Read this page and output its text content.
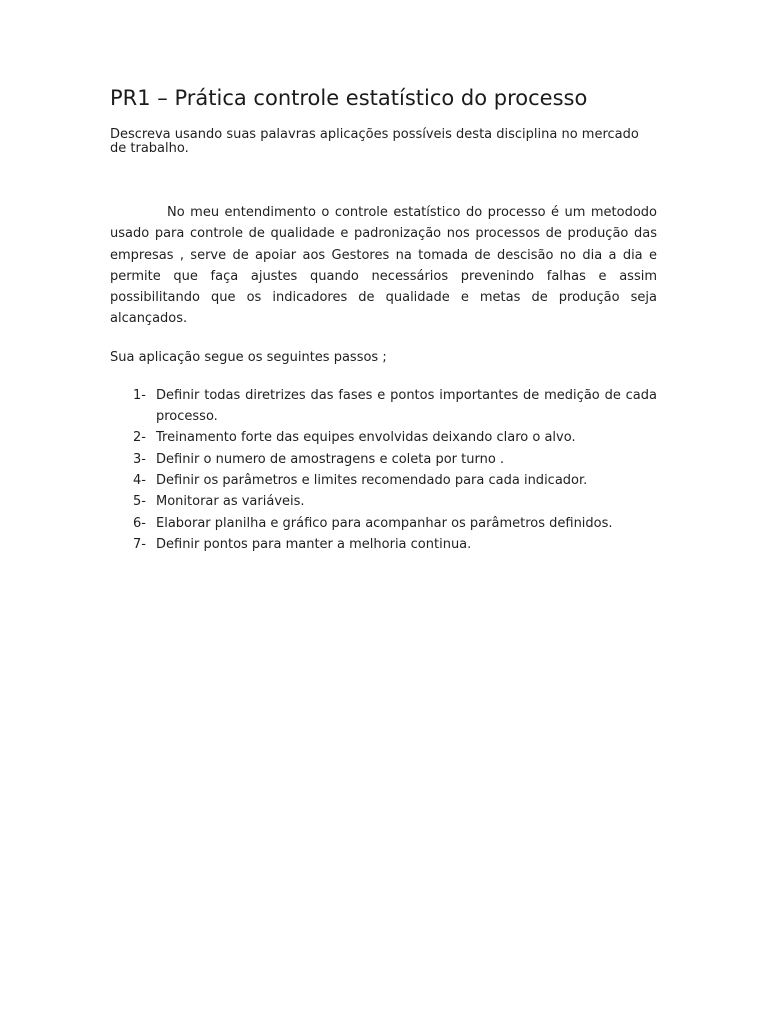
PR1 – Prática controle estatístico do processo
Descreva usando suas palavras aplicações possíveis desta disciplina no mercado de trabalho.

No meu entendimento o controle estatístico do processo é um metododo usado para controle de qualidade e padronização nos processos de produção das empresas , serve de apoiar aos Gestores na tomada de descisão no dia a dia e permite que faça ajustes quando necessários prevenindo falhas e assim possibilitando que os indicadores de qualidade e metas de produção seja alcançados.

Sua aplicação segue os seguintes passos ;
1- Definir todas diretrizes das fases e pontos importantes de medição de cada processo.
2- Treinamento forte das equipes envolvidas deixando claro o alvo.
3- Definir o numero de amostragens e coleta por turno .
4- Definir os parâmetros e limites recomendado para cada indicador.
5- Monitorar as variáveis.
6- Elaborar planilha e gráfico para acompanhar os parâmetros definidos.
7- Definir pontos para manter a melhoria continua.
